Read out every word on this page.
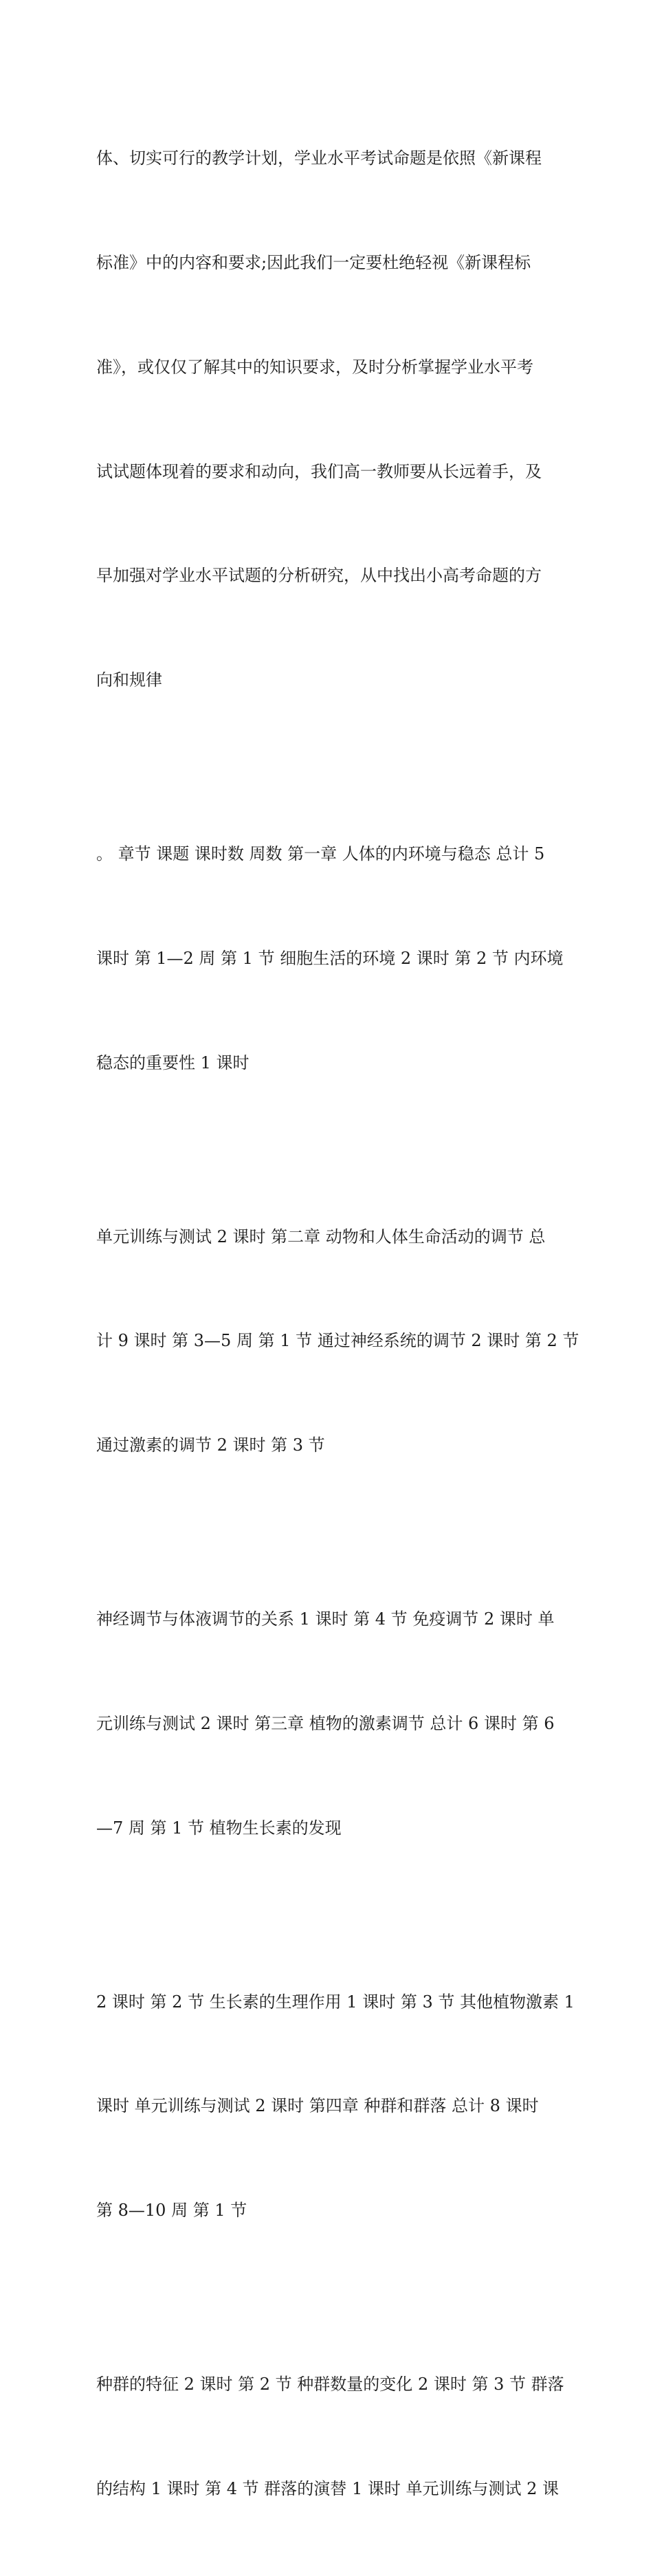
体、切实可行的教学计划，学业水平考试命题是依照《新课程

标准》中的内容和要求;因此我们一定要杜绝轻视《新课程标

准》，或仅仅了解其中的知识要求，及时分析掌握学业水平考

试试题体现着的要求和动向，我们高一教师要从长远着手，及

早加强对学业水平试题的分析研究，从中找出小高考命题的方

向和规律

。 章节 课题 课时数 周数 第一章 人体的内环境与稳态 总计 5

课时 第 1—2 周 第 1 节 细胞生活的环境 2 课时 第 2 节 内环境

稳态的重要性 1 课时

单元训练与测试 2 课时 第二章 动物和人体生命活动的调节 总

计 9 课时 第 3—5 周 第 1 节 通过神经系统的调节 2 课时 第 2 节

通过激素的调节 2 课时 第 3 节

神经调节与体液调节的关系 1 课时 第 4 节 免疫调节 2 课时 单

元训练与测试 2 课时 第三章 植物的激素调节 总计 6 课时 第 6

—7 周 第 1 节 植物生长素的发现

2 课时 第 2 节 生长素的生理作用 1 课时 第 3 节 其他植物激素 1

课时 单元训练与测试 2 课时 第四章 种群和群落 总计 8 课时

第 8—10 周 第 1 节

种群的特征 2 课时 第 2 节 种群数量的变化 2 课时 第 3 节 群落

的结构 1 课时 第 4 节 群落的演替 1 课时 单元训练与测试 2 课
